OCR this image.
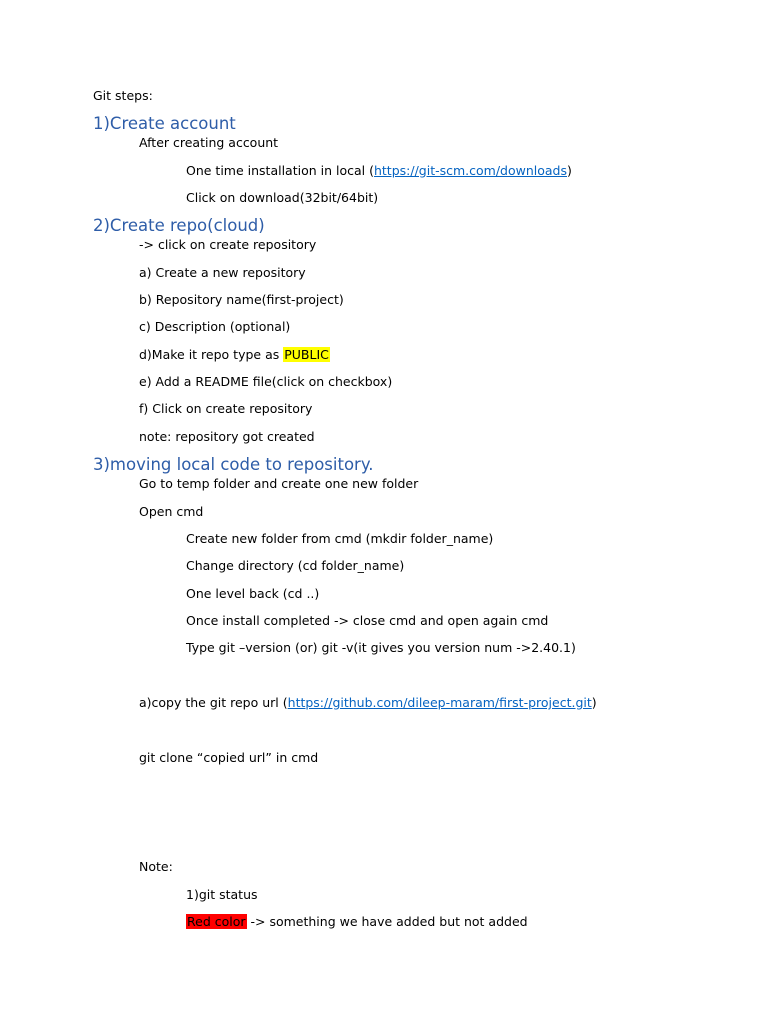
Git steps:
1)Create account
After creating account
One time installation in local (https://git-scm.com/downloads)
Click on download(32bit/64bit)
2)Create repo(cloud)
-> click on create repository
a) Create a new repository
b) Repository name(first-project)
c) Description (optional)
d)Make it repo type as PUBLIC
e) Add a README file(click on checkbox)
f) Click on create repository
note: repository got created
3)moving local code to repository.
Go to temp folder and create one new folder
Open cmd
Create new folder from cmd (mkdir folder_name)
Change directory (cd folder_name)
One level back (cd ..)
Once install completed -> close cmd and open again cmd
Type git –version (or) git -v(it gives you version num ->2.40.1)
a)copy the git repo url (https://github.com/dileep-maram/first-project.git)
git clone “copied url” in cmd
Note:
1)git status
Red color -> something we have added but not added
